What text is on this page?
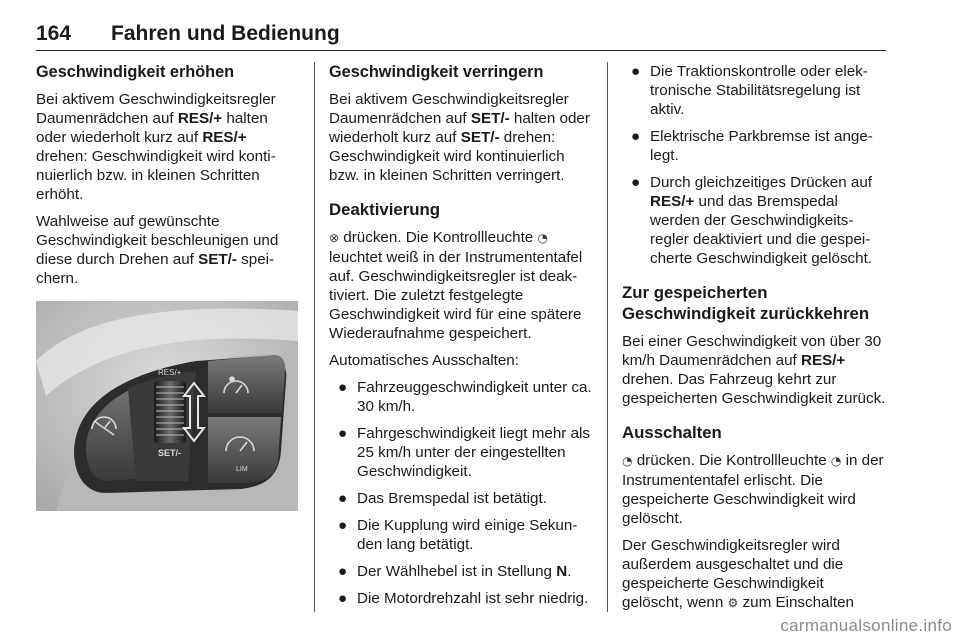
164 Fahren und Bedienung
Geschwindigkeit erhöhen

Bei aktivem Geschwindigkeitsregler Daumenrädchen auf RES/+ halten oder wiederholt kurz auf RES/+ drehen: Geschwindigkeit wird kontinuierlich bzw. in kleinen Schritten erhöht.

Wahlweise auf gewünschte Geschwindigkeit beschleunigen und diese durch Drehen auf SET/- speichern.

RES/+
SET/-
LIM
Geschwindigkeit verringern

Bei aktivem Geschwindigkeitsregler Daumenrädchen auf SET/- halten oder wiederholt kurz auf SET/- drehen: Geschwindigkeit wird kontinuierlich bzw. in kleinen Schritten verringert.

Deaktivierung

⊗ drücken. Die Kontrollleuchte ◔ leuchtet weiß in der Instrumententafel auf. Geschwindigkeitsregler ist deaktiviert. Die zuletzt festgelegte Geschwindigkeit wird für eine spätere Wiederaufnahme gespeichert.

Automatisches Ausschalten:

● Fahrzeuggeschwindigkeit unter ca. 30 km/h.
● Fahrgeschwindigkeit liegt mehr als 25 km/h unter der eingestellten Geschwindigkeit.
● Das Bremspedal ist betätigt.
● Die Kupplung wird einige Sekunden lang betätigt.
● Der Wählhebel ist in Stellung N.
● Die Motordrehzahl ist sehr niedrig.
● Die Traktionskontrolle oder elektronische Stabilitätsregelung ist aktiv.
● Elektrische Parkbremse ist angelegt.
● Durch gleichzeitiges Drücken auf RES/+ und das Bremspedal werden der Geschwindigkeitsregler deaktiviert und die gespeicherte Geschwindigkeit gelöscht.
Zur gespeicherten Geschwindigkeit zurückkehren

Bei einer Geschwindigkeit von über 30 km/h Daumenrädchen auf RES/+ drehen. Das Fahrzeug kehrt zur gespeicherten Geschwindigkeit zurück.

Ausschalten

◔ drücken. Die Kontrollleuchte ◔ in der Instrumententafel erlischt. Die gespeicherte Geschwindigkeit wird gelöscht.

Der Geschwindigkeitsregler wird außerdem ausgeschaltet und die gespeicherte Geschwindigkeit gelöscht, wenn ⚙ zum Einschalten

carmanualsonline.info
